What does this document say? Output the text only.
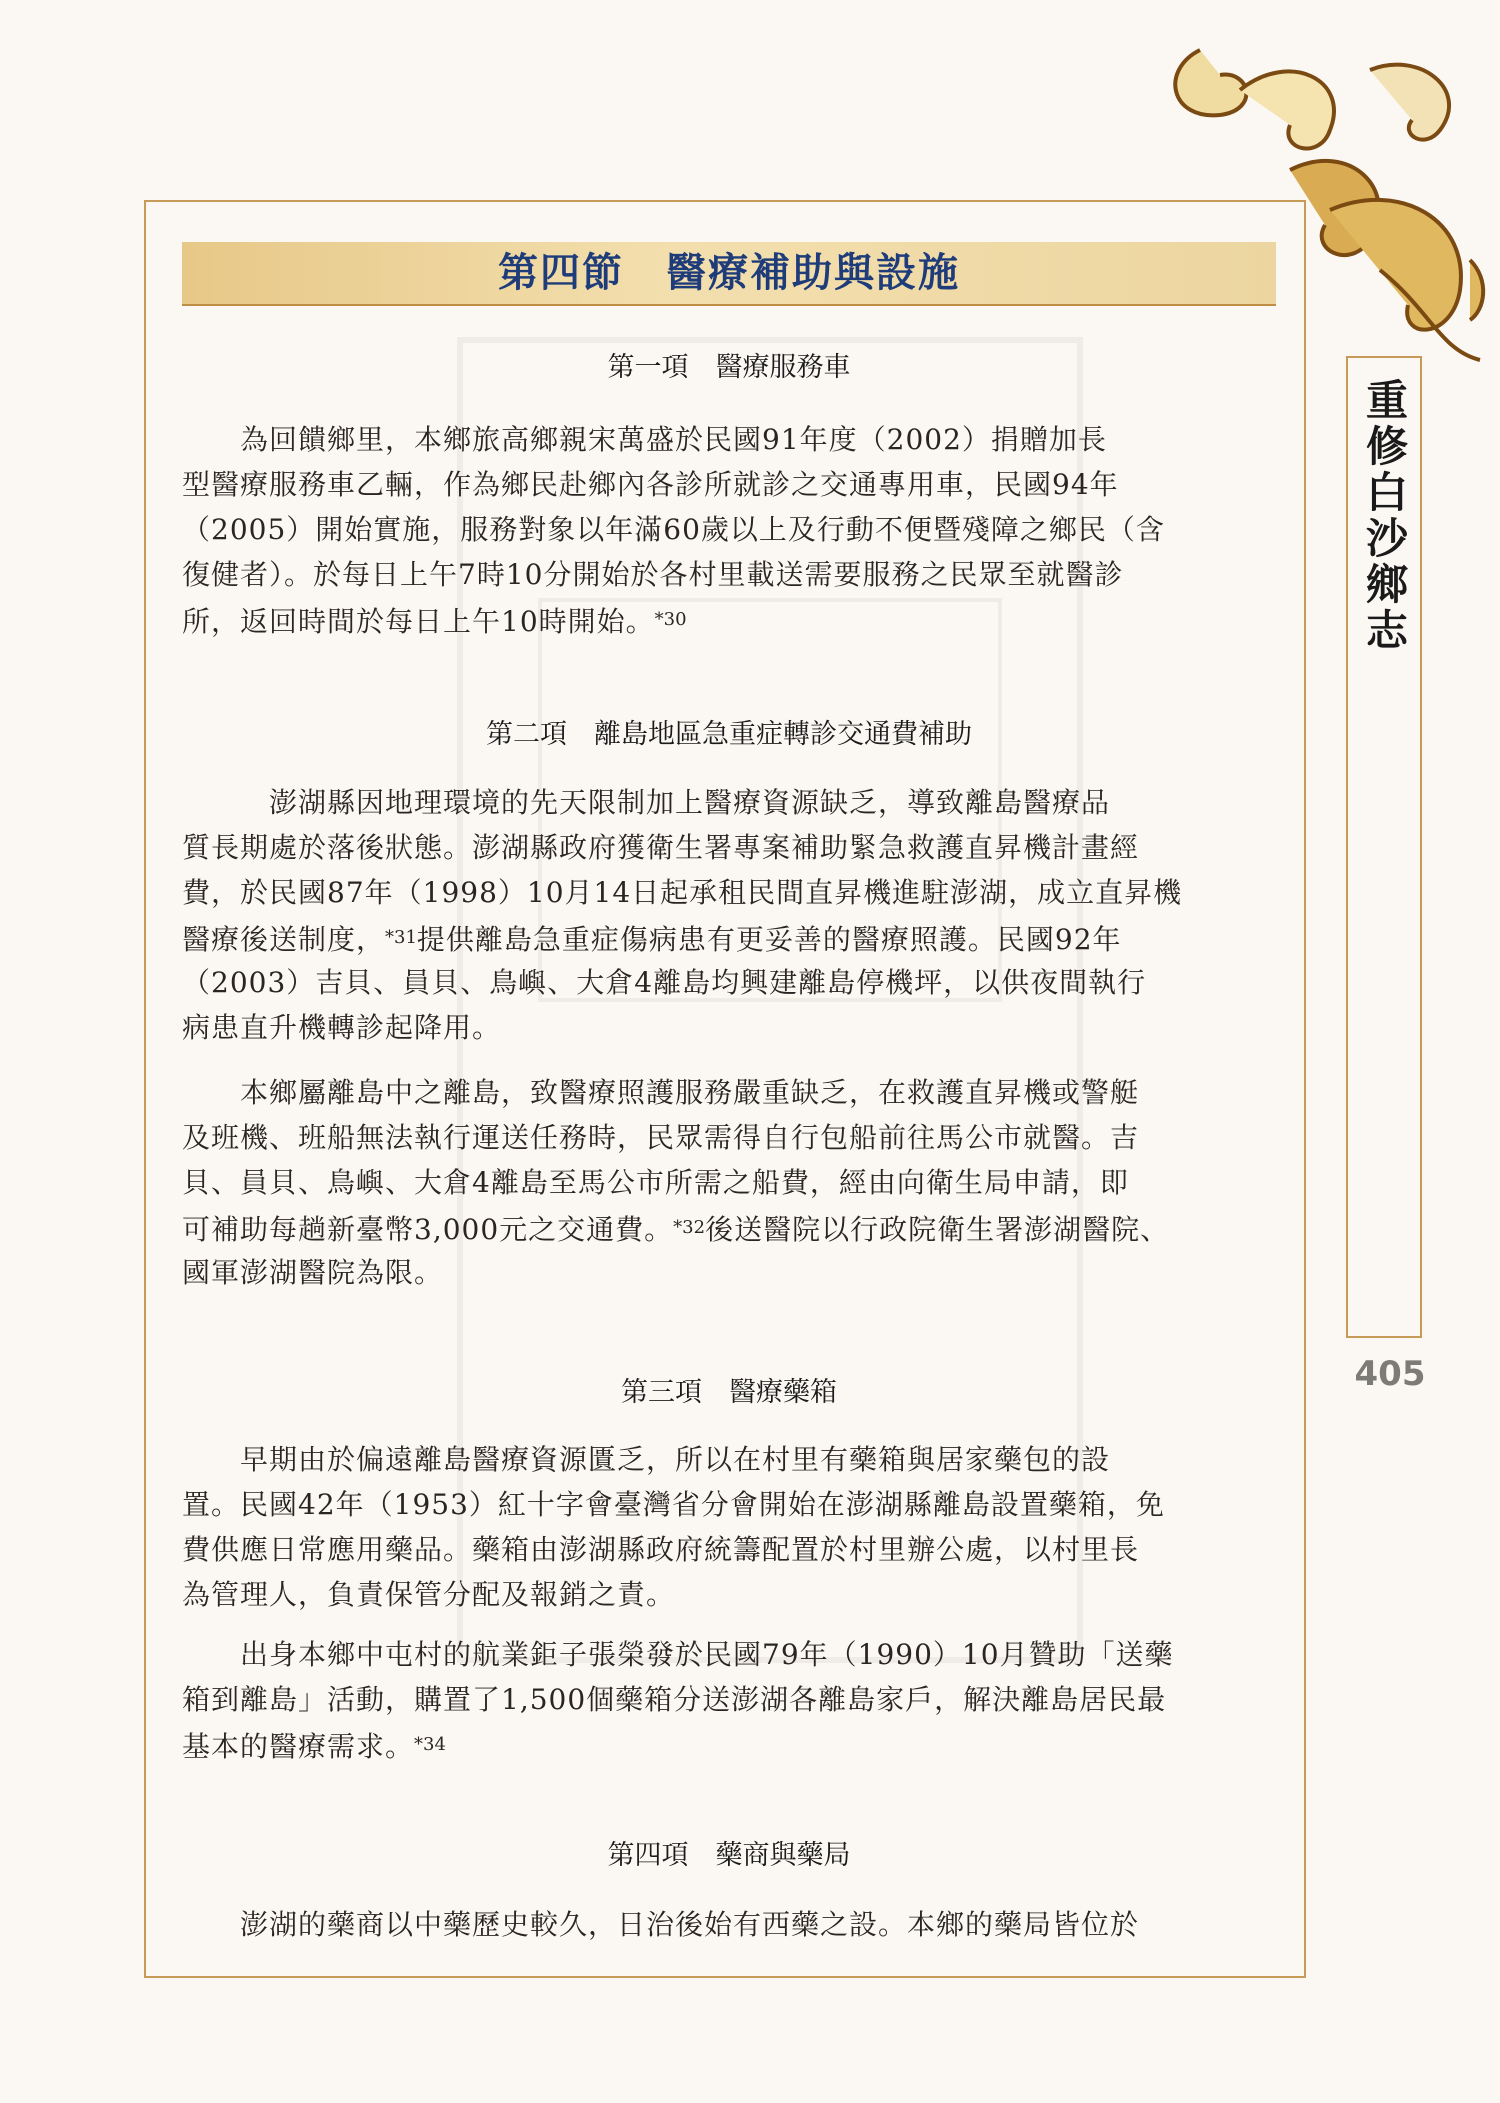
第四節　醫療補助與設施
第一項　醫療服務車
　　為回饋鄉里，本鄉旅高鄉親宋萬盛於民國91年度（2002）捐贈加長
型醫療服務車乙輛，作為鄉民赴鄉內各診所就診之交通專用車，民國94年
（2005）開始實施，服務對象以年滿60歲以上及行動不便暨殘障之鄉民（含
復健者）。於每日上午7時10分開始於各村里載送需要服務之民眾至就醫診
所，返回時間於每日上午10時開始。$^{*30}$
第二項　離島地區急重症轉診交通費補助
　　　澎湖縣因地理環境的先天限制加上醫療資源缺乏，導致離島醫療品
質長期處於落後狀態。澎湖縣政府獲衛生署專案補助緊急救護直昇機計畫經
費，於民國87年（1998）10月14日起承租民間直昇機進駐澎湖，成立直昇機
醫療後送制度，$^{*31}$提供離島急重症傷病患有更妥善的醫療照護。民國92年
（2003）吉貝、員貝、鳥嶼、大倉4離島均興建離島停機坪，以供夜間執行
病患直升機轉診起降用。
　　本鄉屬離島中之離島，致醫療照護服務嚴重缺乏，在救護直昇機或警艇
及班機、班船無法執行運送任務時，民眾需得自行包船前往馬公市就醫。吉
貝、員貝、鳥嶼、大倉4離島至馬公市所需之船費，經由向衛生局申請，即
可補助每趟新臺幣3,000元之交通費。$^{*32}$後送醫院以行政院衛生署澎湖醫院、
國軍澎湖醫院為限。
第三項　醫療藥箱
　　早期由於偏遠離島醫療資源匱乏，所以在村里有藥箱與居家藥包的設
置。民國42年（1953）紅十字會臺灣省分會開始在澎湖縣離島設置藥箱，免
費供應日常應用藥品。藥箱由澎湖縣政府統籌配置於村里辦公處，以村里長
為管理人，負責保管分配及報銷之責。
　　出身本鄉中屯村的航業鉅子張榮發於民國79年（1990）10月贊助「送藥
箱到離島」活動，購置了1,500個藥箱分送澎湖各離島家戶，解決離島居民最
基本的醫療需求。$^{*34}$
第四項　藥商與藥局
　　澎湖的藥商以中藥歷史較久，日治後始有西藥之設。本鄉的藥局皆位於
重修白沙鄉志
405
